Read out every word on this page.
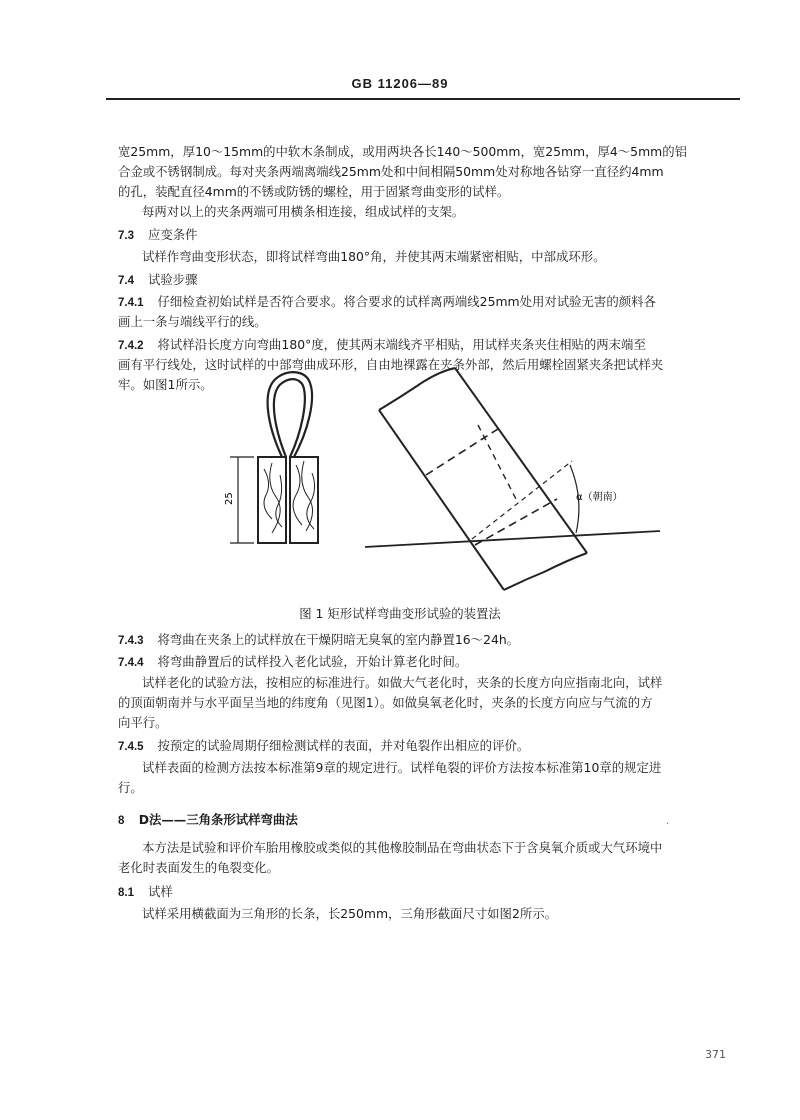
GB 11206—89
宽25mm，厚10～15mm的中软木条制成，或用两块各长140～500mm，宽25mm，厚4～5mm的铝
合金或不锈钢制成。每对夹条两端离端线25mm处和中间相隔50mm处对称地各钻穿一直径约4mm
的孔，装配直径4mm的不锈或防锈的螺栓，用于固紧弯曲变形的试样。
每两对以上的夹条两端可用横条相连接，组成试样的支架。
7.3 应变条件
试样作弯曲变形状态，即将试样弯曲180°角，并使其两末端紧密相贴，中部成环形。
7.4 试验步骤
7.4.1 仔细检查初始试样是否符合要求。将合要求的试样离两端线25mm处用对试验无害的颜料各
画上一条与端线平行的线。
7.4.2 将试样沿长度方向弯曲180°度，使其两末端线齐平相贴，用试样夹条夹住相贴的两末端至
画有平行线处，这时试样的中部弯曲成环形，自由地裸露在夹条外部，然后用螺栓固紧夹条把试样夹
牢。如图1所示。
25	α（朝南）
图 1 矩形试样弯曲变形试验的装置法
7.4.3 将弯曲在夹条上的试样放在干燥阴暗无臭氧的室内静置16～24h。
7.4.4 将弯曲静置后的试样投入老化试验，开始计算老化时间。
试样老化的试验方法，按相应的标准进行。如做大气老化时，夹条的长度方向应指南北向，试样
的顶面朝南并与水平面呈当地的纬度角（见图1）。如做臭氧老化时，夹条的长度方向应与气流的方
向平行。
7.4.5 按预定的试验周期仔细检测试样的表面，并对龟裂作出相应的评价。
试样表面的检测方法按本标准第9章的规定进行。试样龟裂的评价方法按本标准第10章的规定进
行。
8 D法——三角条形试样弯曲法	.
本方法是试验和评价车胎用橡胶或类似的其他橡胶制品在弯曲状态下于含臭氧介质或大气环境中
老化时表面发生的龟裂变化。
8.1 试样
试样采用横截面为三角形的长条，长250mm，三角形截面尺寸如图2所示。
371
